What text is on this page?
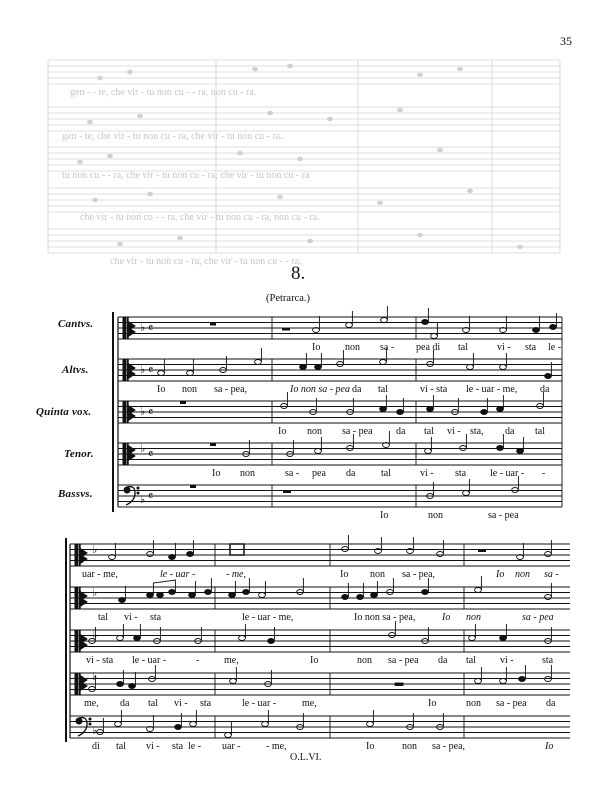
35
gen - - te, che vir - tu non cu - - ra, non cu - ra.
gen - te, che vir - tu non cu - ra, che vir - tu non cu - ra.
tu non cu - - ra, che vir - tu non cu - ra, che vir - tu non cu - ra
che vir - tu non cu - - ra, che vir - tu non cu - ra, non cu - ra.
che vir - tu non cu - ra, che vir - tu non cu - - ra.
8.
(Petrarca.)
Cantvs.
Altvs.
Quinta vox.
Tenor.
Bassvs.
♭ 𝄴
♭ 𝄴
♭ 𝄴
♭ 𝄴
♭ 𝄴
♭
♭
♭
♭
♭
Io non sa - pea di tal	vi - sta le -
Io non sa - pea,	Io non sa - pea da tal	vi - sta le - uar - me, da
Io non sa - pea da tal vi - sta, da tal
Io non	sa - pea da	tal	vi - sta le - uar - -
Io	non	sa - pea
uar - me,	le - uar -	- me,	Io non sa - pea,	Io non sa -
tal vi - sta	le - uar - me,	Io non sa - pea,	Io non	sa - pea
vi - sta le - uar -	- me,	Io	non sa - pea da tal vi -	sta
me, da tal vi - sta	le - uar -	me,	Io	non sa - pea da
di tal vi - sta le - uar -	- me,	Io	non sa - pea,	Io
O.L.VI.
